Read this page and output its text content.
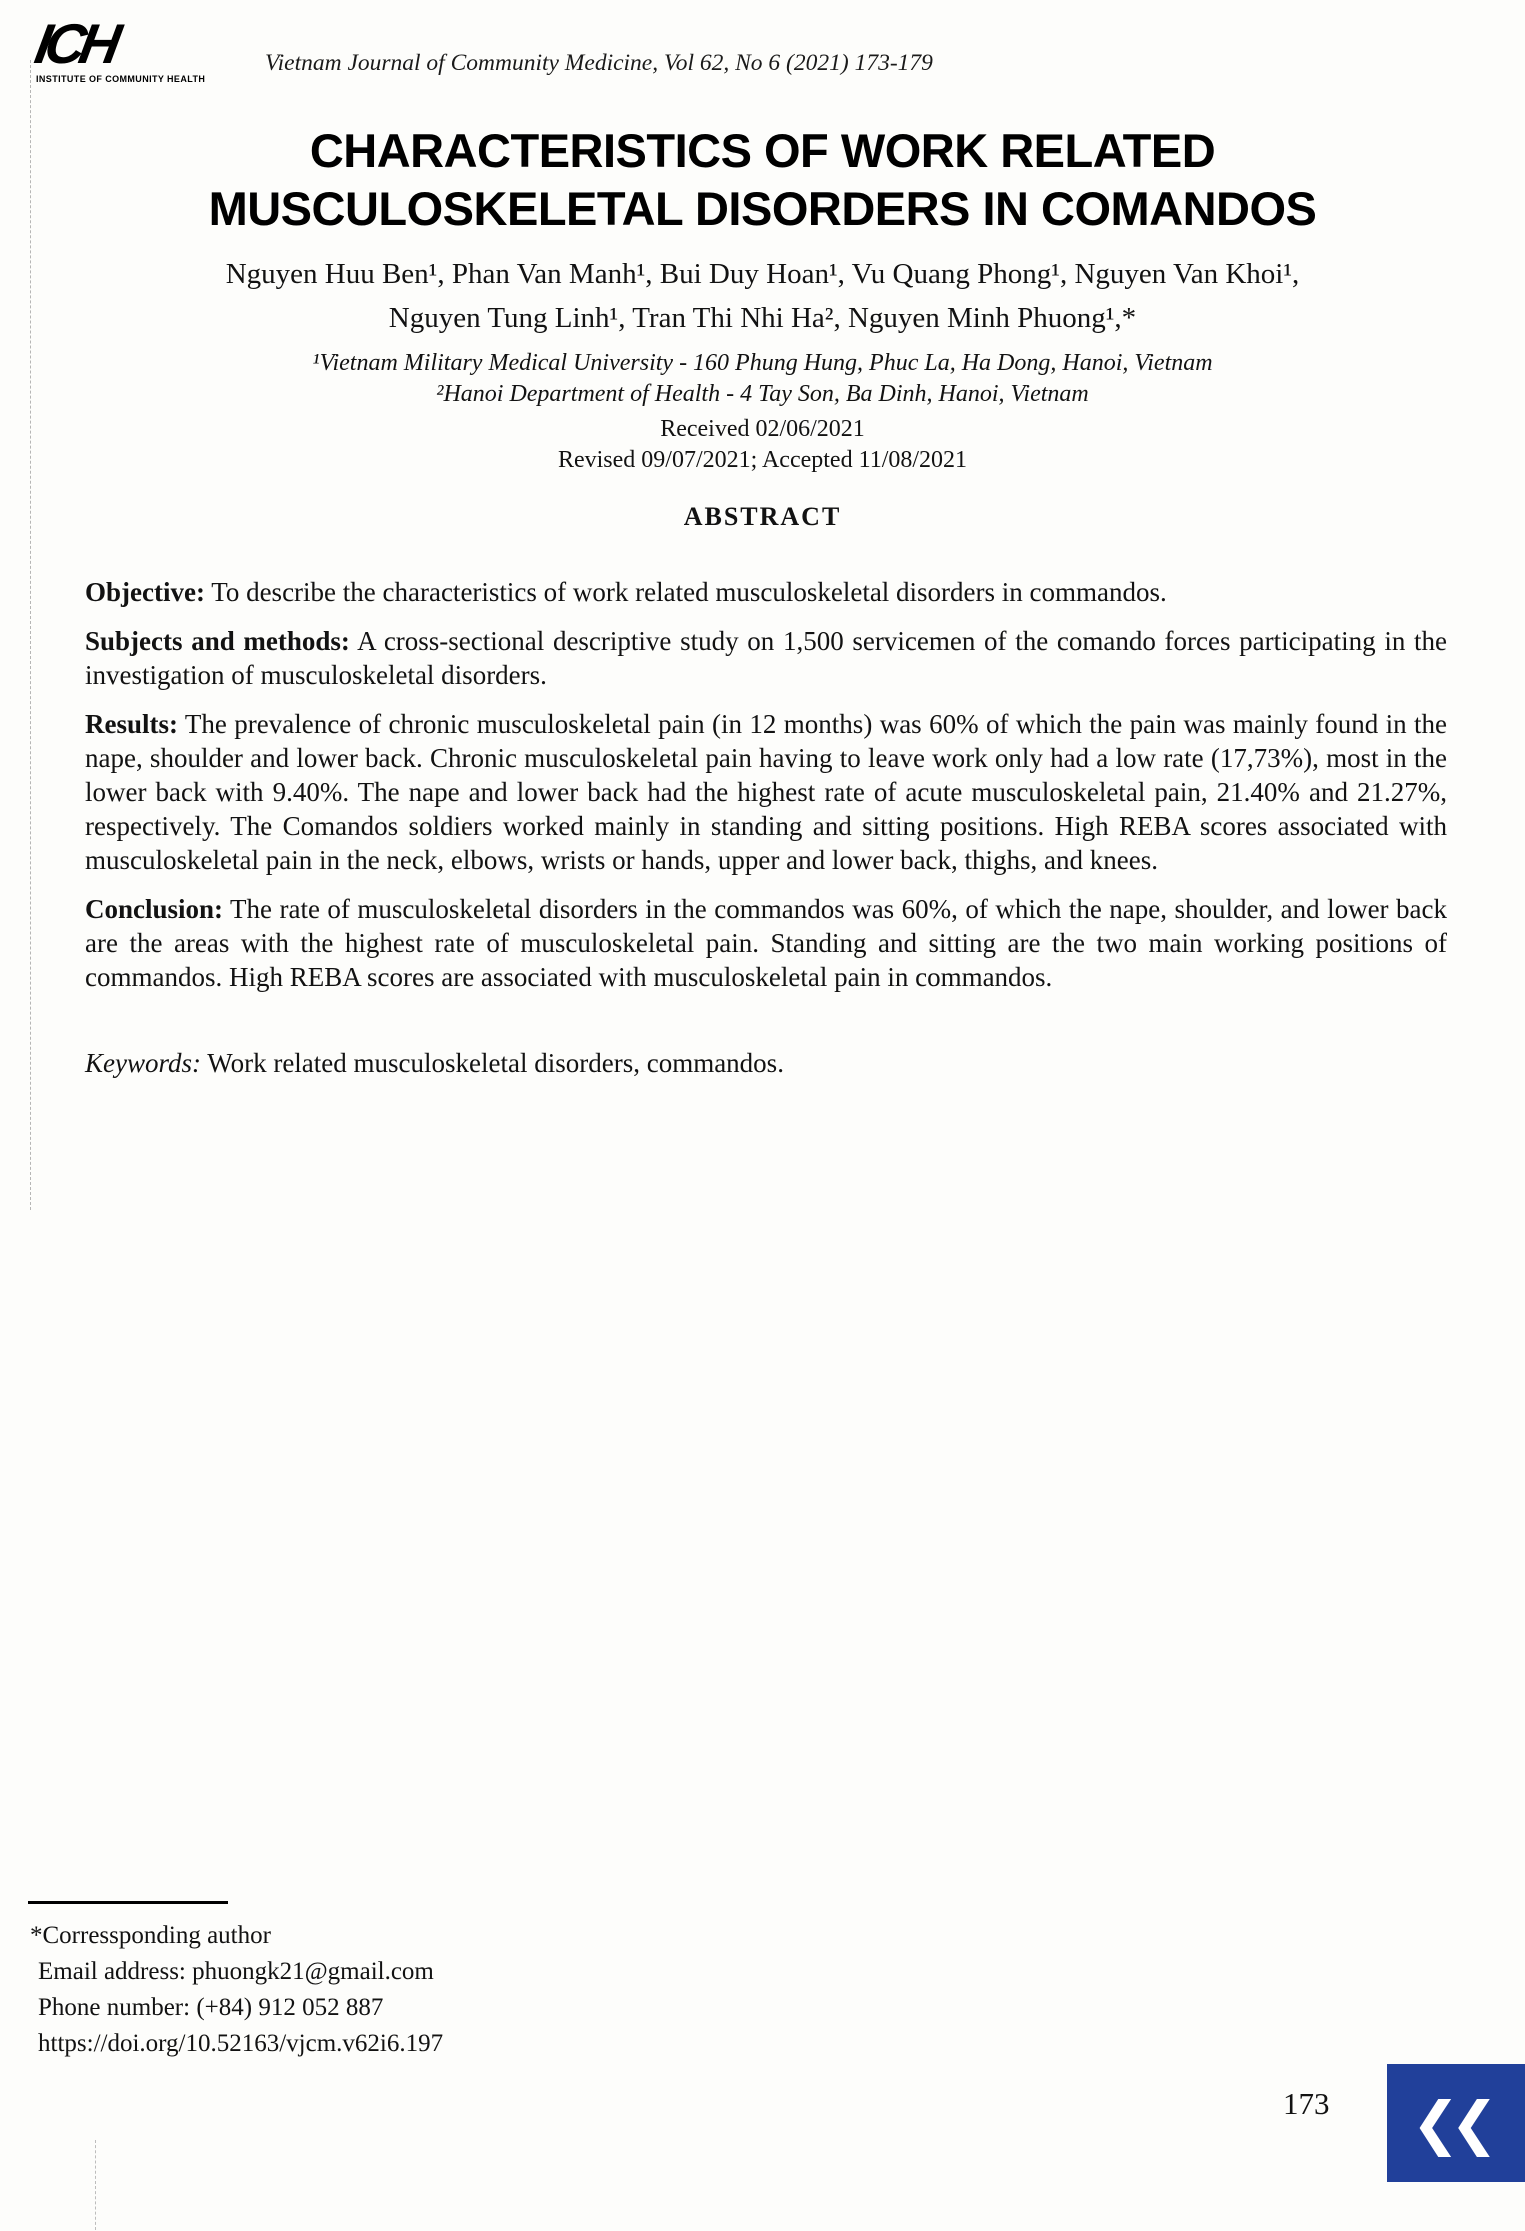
ICH
INSTITUTE OF COMMUNITY HEALTH
Vietnam Journal of Community Medicine, Vol 62, No 6 (2021) 173-179
CHARACTERISTICS OF WORK RELATED
MUSCULOSKELETAL DISORDERS IN COMANDOS
Nguyen Huu Ben¹, Phan Van Manh¹, Bui Duy Hoan¹, Vu Quang Phong¹, Nguyen Van Khoi¹,
Nguyen Tung Linh¹, Tran Thi Nhi Ha², Nguyen Minh Phuong¹,*
¹Vietnam Military Medical University - 160 Phung Hung, Phuc La, Ha Dong, Hanoi, Vietnam
²Hanoi Department of Health - 4 Tay Son, Ba Dinh, Hanoi, Vietnam
Received 02/06/2021
Revised 09/07/2021; Accepted 11/08/2021
ABSTRACT

Objective: To describe the characteristics of work related musculoskeletal disorders in commandos.

Subjects and methods: A cross-sectional descriptive study on 1,500 servicemen of the comando forces participating in the investigation of musculoskeletal disorders.

Results: The prevalence of chronic musculoskeletal pain (in 12 months) was 60% of which the pain was mainly found in the nape, shoulder and lower back. Chronic musculoskeletal pain having to leave work only had a low rate (17,73%), most in the lower back with 9.40%. The nape and lower back had the highest rate of acute musculoskeletal pain, 21.40% and 21.27%, respectively. The Comandos soldiers worked mainly in standing and sitting positions. High REBA scores associated with musculoskeletal pain in the neck, elbows, wrists or hands, upper and lower back, thighs, and knees.

Conclusion: The rate of musculoskeletal disorders in the commandos was 60%, of which the nape, shoulder, and lower back are the areas with the highest rate of musculoskeletal pain. Standing and sitting are the two main working positions of commandos. High REBA scores are associated with musculoskeletal pain in commandos.

Keywords: Work related musculoskeletal disorders, commandos.

*Corressponding author
Email address: phuongk21@gmail.com
Phone number: (+84) 912 052 887
https://doi.org/10.52163/vjcm.v62i6.197
173 ❮❮
